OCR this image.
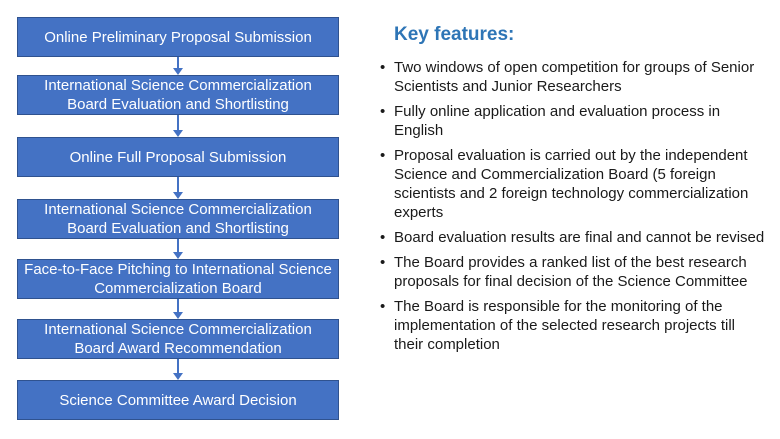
Online Preliminary Proposal Submission
International Science Commercialization Board Evaluation and Shortlisting
Online Full Proposal Submission
International Science Commercialization Board Evaluation and Shortlisting
Face-to-Face Pitching to International Science Commercialization Board
International Science Commercialization Board Award Recommendation
Science Committee Award Decision
Key features:
• Two windows of open competition for groups of Senior Scientists and Junior Researchers
• Fully online application and evaluation process in English
• Proposal evaluation is carried out by the independent Science and Commercialization Board (5 foreign scientists and 2 foreign technology commercialization experts
• Board evaluation results are final and cannot be revised
• The Board provides a ranked list of the best research proposals for final decision of the Science Committee
• The Board is responsible for the monitoring of the implementation of the selected research projects till their completion
